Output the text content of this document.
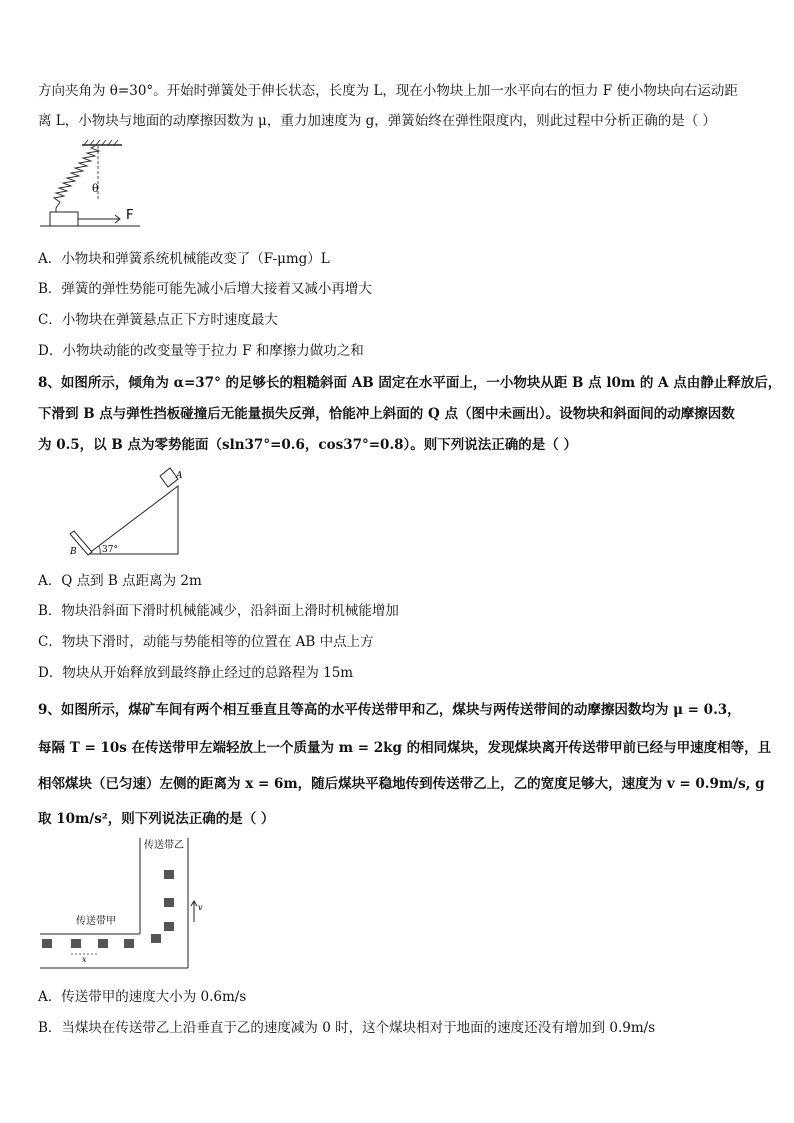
方向夹角为 θ=30°。开始时弹簧处于伸长状态，长度为 L，现在小物块上加一水平向右的恒力 F 使小物块向右运动距
离 L，小物块与地面的动摩擦因数为 μ，重力加速度为 g，弹簧始终在弹性限度内，则此过程中分析正确的是（ ）
θ
F
A．小物块和弹簧系统机械能改变了（F-μmg）L
B．弹簧的弹性势能可能先减小后增大接着又减小再增大
C．小物块在弹簧悬点正下方时速度最大
D．小物块动能的改变量等于拉力 F 和摩擦力做功之和
8、如图所示，倾角为 α=37° 的足够长的粗糙斜面 AB 固定在水平面上，一小物块从距 B 点 l0m 的 A 点由静止释放后，
下滑到 B 点与弹性挡板碰撞后无能量损失反弹，恰能冲上斜面的 Q 点（图中未画出）。设物块和斜面间的动摩擦因数
为 0.5，以 B 点为零势能面（sln37°=0.6，cos37°=0.8）。则下列说法正确的是（ ）
A
B	37°
A．Q 点到 B 点距离为 2m
B．物块沿斜面下滑时机械能减少，沿斜面上滑时机械能增加
C．物块下滑时，动能与势能相等的位置在 AB 中点上方
D．物块从开始释放到最终静止经过的总路程为 15m
9、如图所示，煤矿车间有两个相互垂直且等高的水平传送带甲和乙，煤块与两传送带间的动摩擦因数均为 μ = 0.3，
每隔 T = 10s 在传送带甲左端轻放上一个质量为 m = 2kg 的相同煤块，发现煤块离开传送带甲前已经与甲速度相等，且
相邻煤块（已匀速）左侧的距离为 x = 6m，随后煤块平稳地传到传送带乙上，乙的宽度足够大，速度为 v = 0.9m/s, g
取 10m/s²，则下列说法正确的是（ ）
传送带乙
传送带甲
v
x
A．传送带甲的速度大小为 0.6m/s
B．当煤块在传送带乙上沿垂直于乙的速度减为 0 时，这个煤块相对于地面的速度还没有增加到 0.9m/s
